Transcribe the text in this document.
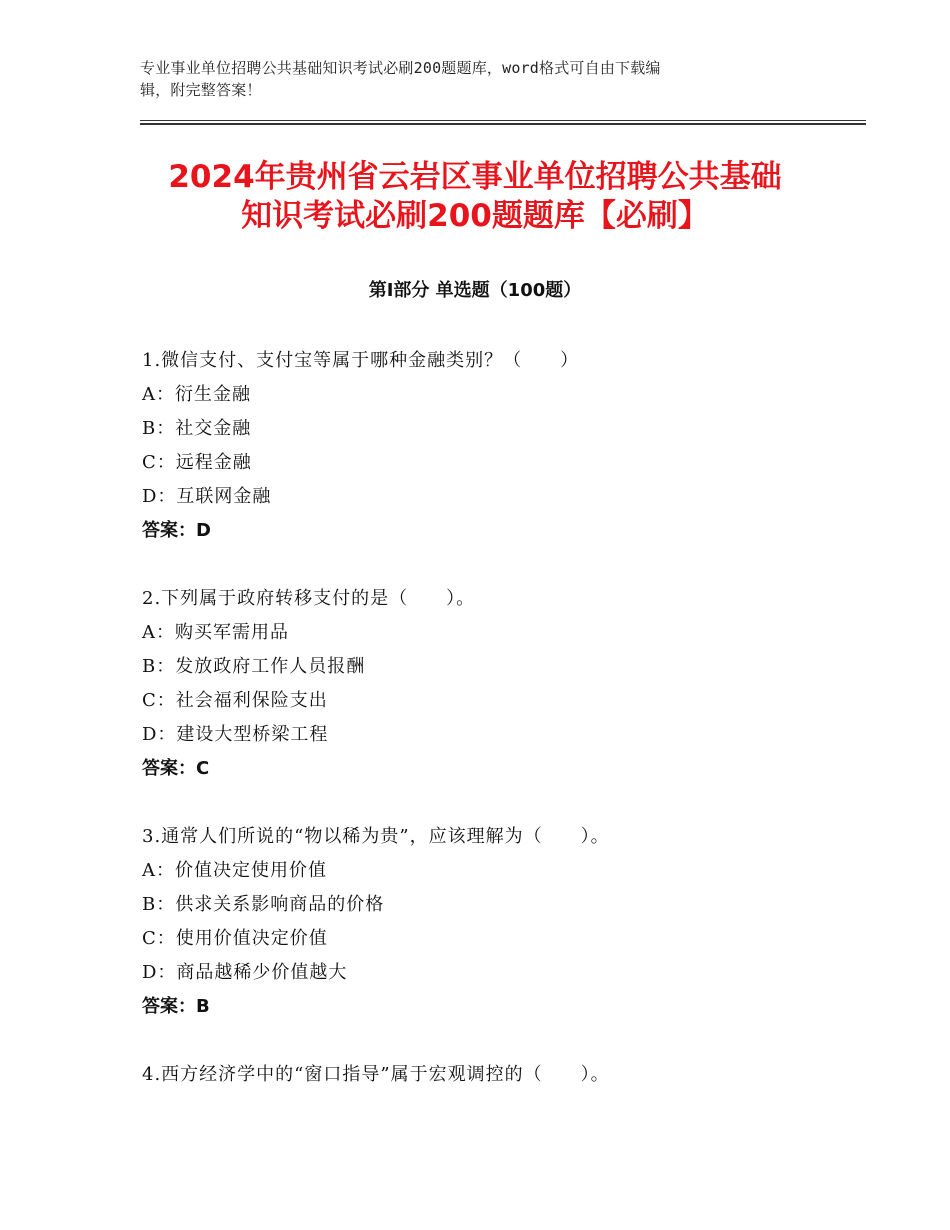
专业事业单位招聘公共基础知识考试必刷200题题库，word格式可自由下载编
辑，附完整答案！
2024年贵州省云岩区事业单位招聘公共基础
知识考试必刷200题题库【必刷】
第Ⅰ部分 单选题（100题）
1.微信支付、支付宝等属于哪种金融类别？（　　）
A：衍生金融
B：社交金融
C：远程金融
D：互联网金融
答案：D
2.下列属于政府转移支付的是（　　）。
A：购买军需用品
B：发放政府工作人员报酬
C：社会福利保险支出
D：建设大型桥梁工程
答案：C
3.通常人们所说的“物以稀为贵”，应该理解为（　　）。
A：价值决定使用价值
B：供求关系影响商品的价格
C：使用价值决定价值
D：商品越稀少价值越大
答案：B
4.西方经济学中的“窗口指导”属于宏观调控的（　　）。
